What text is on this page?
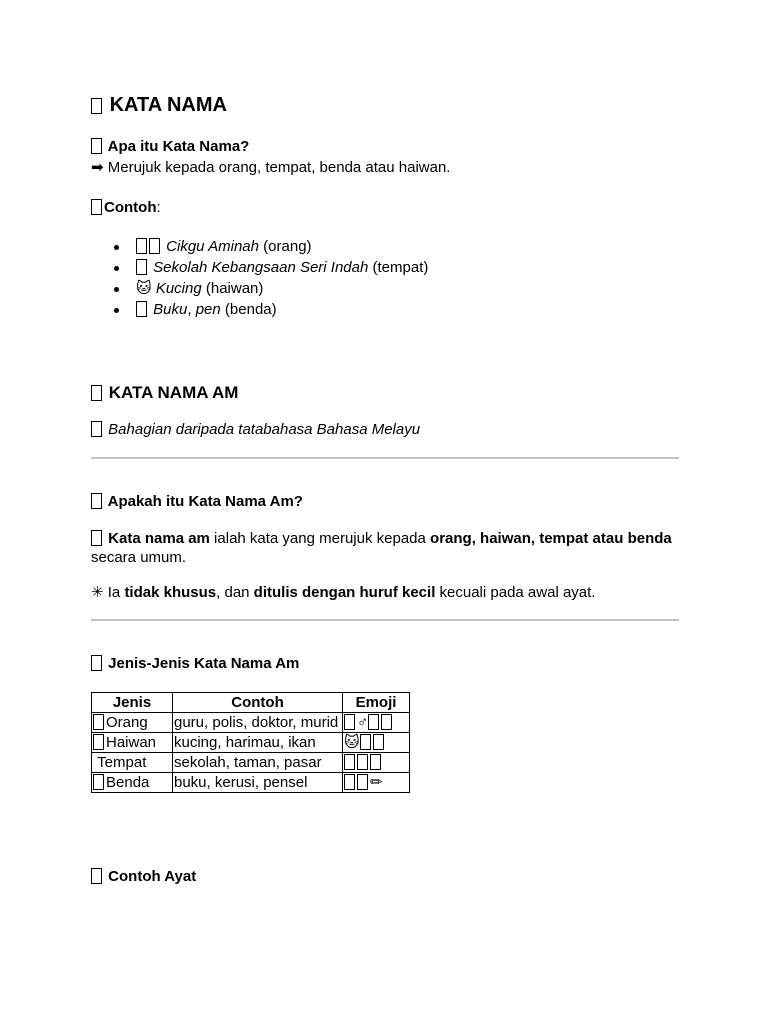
KATA NAMA
Apa itu Kata Nama?
➡ Merujuk kepada orang, tempat, benda atau haiwan.
Contoh:
Cikgu Aminah (orang)
Sekolah Kebangsaan Seri Indah (tempat)
🐱 Kucing (haiwan)
Buku, pen (benda)
KATA NAMA AM
Bahagian daripada tatabahasa Bahasa Melayu
Apakah itu Kata Nama Am?
Kata nama am ialah kata yang merujuk kepada orang, haiwan, tempat atau benda secara umum.
✳ Ia tidak khusus, dan ditulis dengan huruf kecil kecuali pada awal ayat.
Jenis-Jenis Kata Nama Am
Jenis	Contoh	Emoji
Orang	guru, polis, doktor, murid	♂
Haiwan	kucing, harimau, ikan	🐱
Tempat	sekolah, taman, pasar	
Benda	buku, kerusi, pensel	✏
Contoh Ayat
